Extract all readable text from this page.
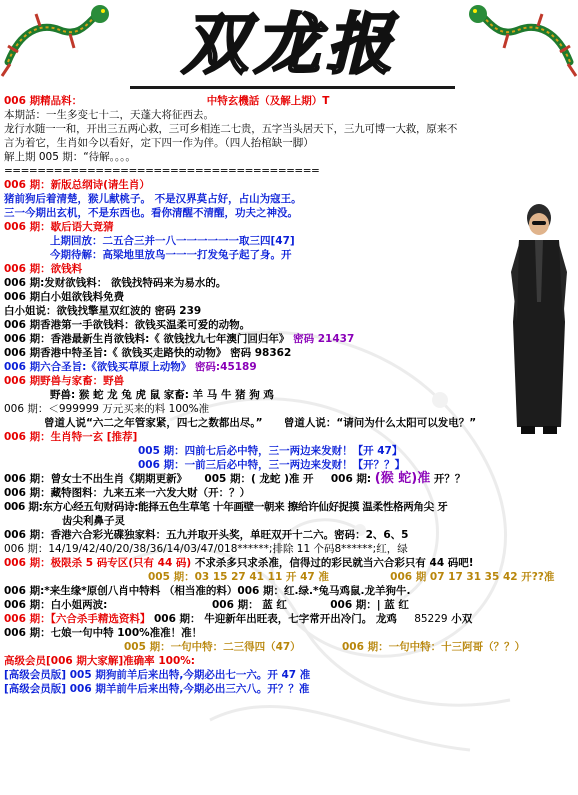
双龙报
006 期精品料：	中特玄機話（及解上期）T
本期話：一生多变七十二，天蓬大将征西去。
龙行水随一一和，开出三五两心救，三可乡相连二七贵，五字当头居天下，三九可博一大救，原来不
言为着它，生肖如今以看好，定下四一作为伴。（四人抬棺缺一脚）
解上期 005 期：“待解。。。。
======================================
006 期：新版总纲诗(请生肖）
猪前狗后着清楚，猴儿献桃子。 不是汉界莫占好，占山为寇王。
三一今期出玄机，不是东西也。看你清醒不清醒，功夫之神没。
006 期：歇后语大竟猜
上期回放：二五合三并一八一一一一一一取三四[47]
今期待解：高梁地里放鸟一一一打发兔子起了身。开
006 期：欲钱料
006 期:发财欲钱料： 欲钱找特码来为易水的。
006 期白小姐欲钱料免费
白小姐说：欲钱找擎星双红波的 密码 239
006 期香港第一手欲钱料：欲钱买温柔可爱的动物。
006 期：香港最新生肖欲钱料:《 欲钱找九七年澳门回归年》 密码 21437
006 期香港中特圣旨:《 欲钱买走路快的动物》 密码 98362
006 期六合圣旨:《欲钱买草原上动物》 密码:45189
006 期野兽与家畜：野兽
野兽: 猴 蛇 龙 兔 虎 鼠 家畜: 羊 马 牛 猪 狗 鸡
006 期：＜999999 万元买来的料 100%准
曾道人说“六二之年管家紧，四七之数都出尽。” 曾道人说：“请问为什么太阳可以发电？”
006 期：生肖特一玄 [推荐]
005 期：四前七后必中特，三一两边来发财！【开 47】
006 期：一前三后必中特，三一两边来发财！【开？？】
006 期：曾女士不出生肖《期期更新》 005 期：( 龙蛇 )准 开 006 期: (猴 蛇)准 开？？
006 期：藏特图料：九来五来一六发大财（开：？）
006 期:东方心经五句财码诗:能择五色生草笔 十年画壁一朝来 擦给许仙好捉摸 温柔性格两角尖 牙
齿尖利鼻子灵
006 期：香港六合彩光碟独家料：五九并取开头奖，单旺双开十二六。密码：2、6、5
006 期：14/19/42/40/20/38/36/14/03/47/018******;排除 11 个码8******;红，绿
006 期：极限杀 5 码专区(只有 44 码) 不求杀多只求杀准，信得过的彩民就当六合彩只有 44 码吧!
005 期：03 15 27 41 11 开 47 准	006 期 07 17 31 35 42 开??准
006 期:*来生缘*原创八肖中特料 （相当准的料）006 期：红.绿.*兔马鸡鼠.龙羊狗牛.
006 期： 蓝 红	006 期：| 蓝 红
006 期：白小姐两波:
006 期：【六合杀手精选资料】 006 期： 牛迎新年出旺表，七字常开出冷门。 龙鸡 85229 小双
006 期：七娘一句中特 100%准准！准！
005 期：一句中特：二三得四（47）	006 期：一句中特：十三阿哥（？？）
高级会员[006 期大家解]准确率 100%:
[高级会员版] 005 期狗前羊后来出特,今期必出七一六。开 47 准
[高级会员版] 006 期羊前牛后来出特,今期必出三六八。开？？准
